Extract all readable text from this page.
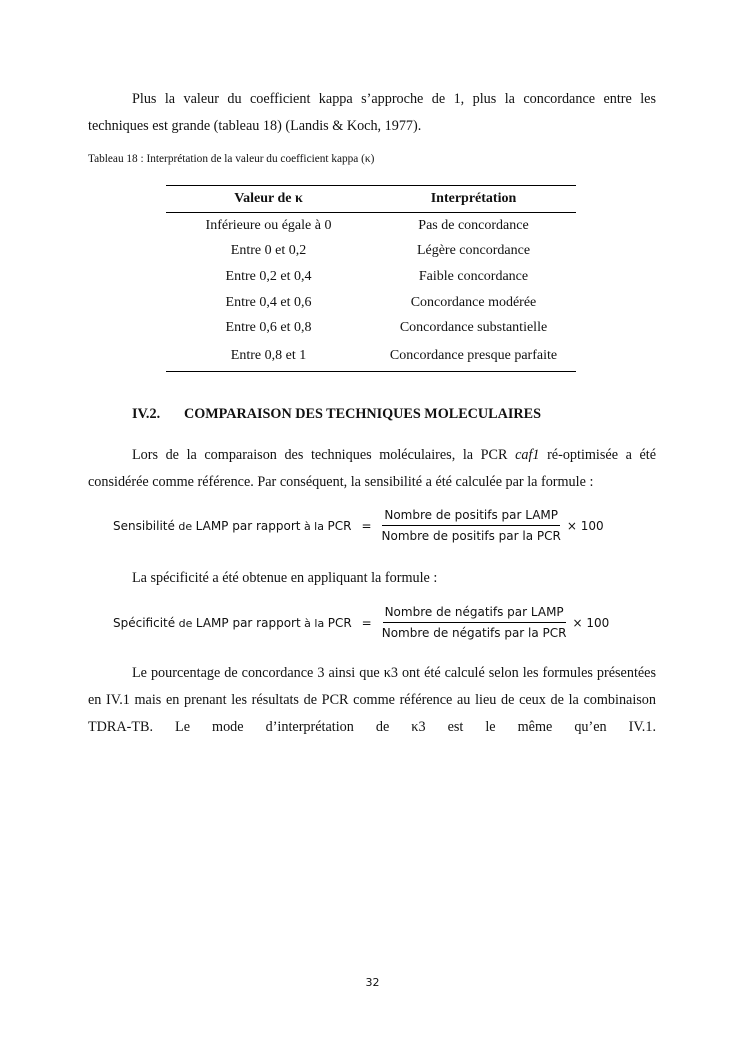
Plus la valeur du coefficient kappa s’approche de 1, plus la concordance entre les techniques est grande (tableau 18) (Landis & Koch, 1977).

Tableau 18 : Interprétation de la valeur du coefficient kappa (κ)

Valeur de κ	Interprétation
Inférieure ou égale à 0	Pas de concordance
Entre 0 et 0,2	Légère concordance
Entre 0,2 et 0,4	Faible concordance
Entre 0,4 et 0,6	Concordance modérée
Entre 0,6 et 0,8	Concordance substantielle
Entre 0,8 et 1	Concordance presque parfaite

IV.2. COMPARAISON DES TECHNIQUES MOLECULAIRES

Lors de la comparaison des techniques moléculaires, la PCR caf1 ré-optimisée a été considérée comme référence. Par conséquent, la sensibilité a été calculée par la formule :

Sensibilité de LAMP par rapport à la PCR = $\frac{\text{Nombre de positifs par LAMP}}{\text{Nombre de positifs par la PCR}} \times 100$

La spécificité a été obtenue en appliquant la formule :

Spécificité de LAMP par rapport à la PCR = $\frac{\text{Nombre de négatifs par LAMP}}{\text{Nombre de négatifs par la PCR}} \times 100$

Le pourcentage de concordance 3 ainsi que κ3 ont été calculé selon les formules présentées en IV.1 mais en prenant les résultats de PCR comme référence au lieu de ceux de la combinaison TDRA-TB. Le mode d’interprétation de κ3 est le même qu’en IV.1.

32
